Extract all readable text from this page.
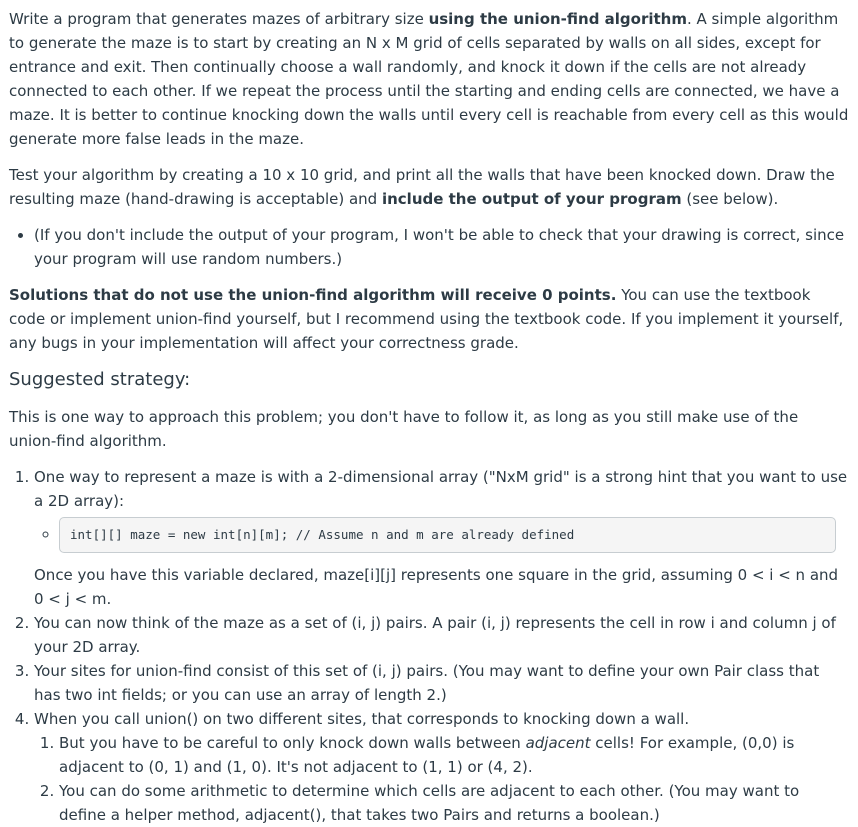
Write a program that generates mazes of arbitrary size using the union-find algorithm. A simple algorithm to generate the maze is to start by creating an N x M grid of cells separated by walls on all sides, except for entrance and exit. Then continually choose a wall randomly, and knock it down if the cells are not already connected to each other. If we repeat the process until the starting and ending cells are connected, we have a maze. It is better to continue knocking down the walls until every cell is reachable from every cell as this would generate more false leads in the maze.

Test your algorithm by creating a 10 x 10 grid, and print all the walls that have been knocked down. Draw the resulting maze (hand-drawing is acceptable) and include the output of your program (see below).

• (If you don't include the output of your program, I won't be able to check that your drawing is correct, since your program will use random numbers.)

Solutions that do not use the union-find algorithm will receive 0 points. You can use the textbook code or implement union-find yourself, but I recommend using the textbook code. If you implement it yourself, any bugs in your implementation will affect your correctness grade.

Suggested strategy:

This is one way to approach this problem; you don't have to follow it, as long as you still make use of the union-find algorithm.

1. One way to represent a maze is with a 2-dimensional array ("NxM grid" is a strong hint that you want to use a 2D array):
◦ int[][] maze = new int[n][m]; // Assume n and m are already defined
Once you have this variable declared, maze[i][j] represents one square in the grid, assuming 0 < i < n and 0 < j < m.
2. You can now think of the maze as a set of (i, j) pairs. A pair (i, j) represents the cell in row i and column j of your 2D array.
3. Your sites for union-find consist of this set of (i, j) pairs. (You may want to define your own Pair class that has two int fields; or you can use an array of length 2.)
4. When you call union() on two different sites, that corresponds to knocking down a wall.
1. But you have to be careful to only knock down walls between adjacent cells! For example, (0,0) is adjacent to (0, 1) and (1, 0). It's not adjacent to (1, 1) or (4, 2).
2. You can do some arithmetic to determine which cells are adjacent to each other. (You may want to define a helper method, adjacent(), that takes two Pairs and returns a boolean.)
